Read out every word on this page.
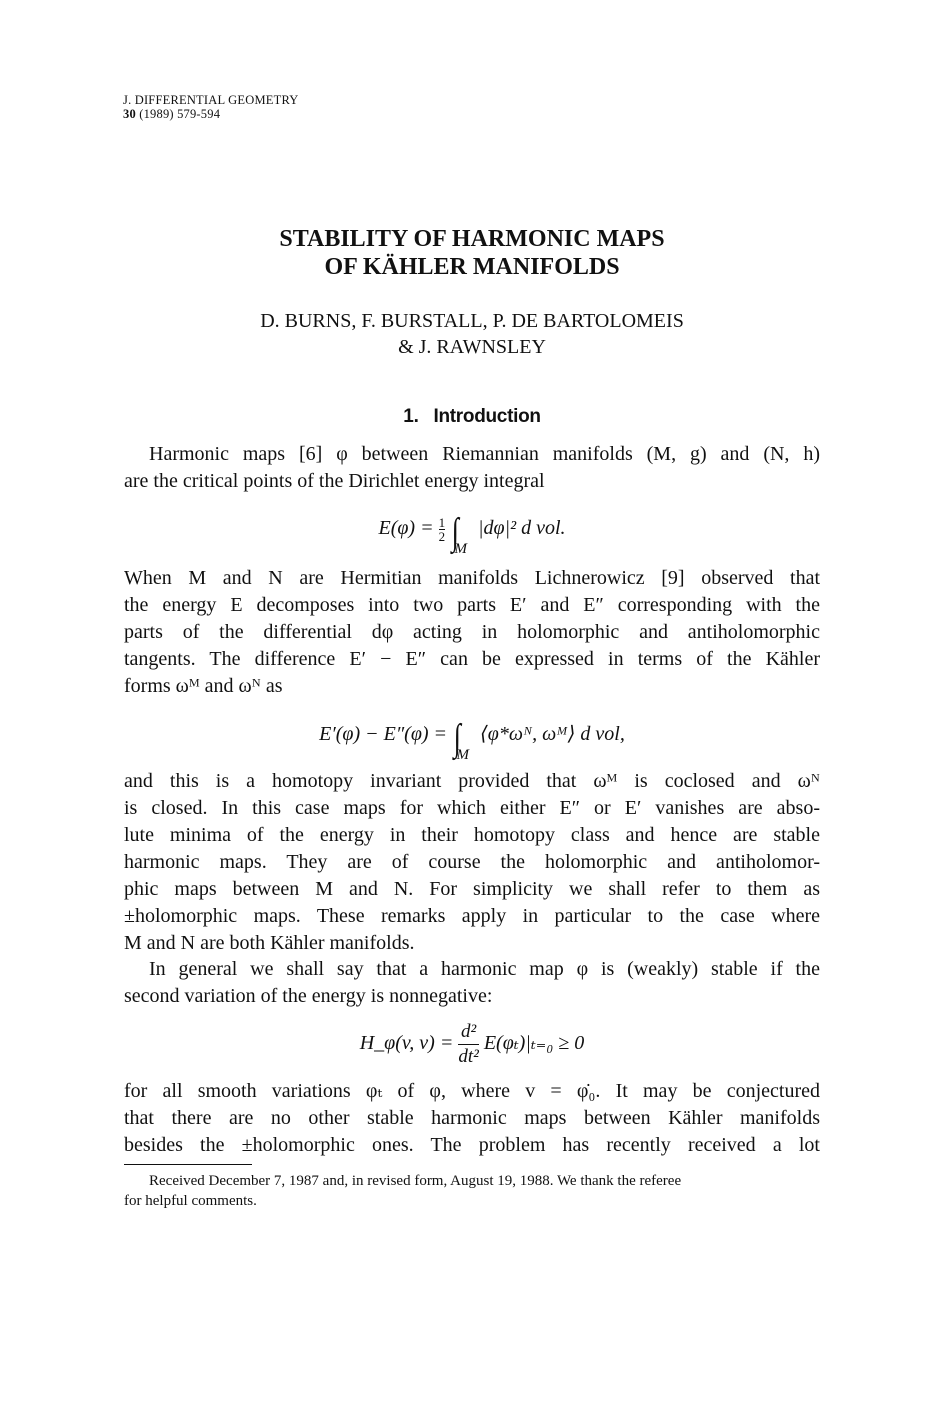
J. DIFFERENTIAL GEOMETRY
30 (1989) 579-594
STABILITY OF HARMONIC MAPS
OF KÄHLER MANIFOLDS
D. BURNS, F. BURSTALL, P. DE BARTOLOMEIS
& J. RAWNSLEY
1. Introduction
Harmonic maps [6] φ between Riemannian manifolds (M, g) and (N, h)
are the critical points of the Dirichlet energy integral
$E(\varphi) = \frac{1}{2} \int_M$ |dφ|² d vol.
When M and N are Hermitian manifolds Lichnerowicz [9] observed that
the energy E decomposes into two parts E′ and E″ corresponding with the
parts of the differential dφ acting in holomorphic and antiholomorphic
tangents. The difference E′ − E″ can be expressed in terms of the Kähler
forms ωᴹ and ωᴺ as
$E'(\varphi) - E''(\varphi) = \int_M$ ⟨φ*ωᴺ, ωᴹ⟩ d vol,
and this is a homotopy invariant provided that ωᴹ is coclosed and ωᴺ
is closed. In this case maps for which either E″ or E′ vanishes are abso-
lute minima of the energy in their homotopy class and hence are stable
harmonic maps. They are of course the holomorphic and antiholomor-
phic maps between M and N. For simplicity we shall refer to them as
±holomorphic maps. These remarks apply in particular to the case where
M and N are both Kähler manifolds.
In general we shall say that a harmonic map φ is (weakly) stable if the
second variation of the energy is nonnegative:
H_φ(v, $v) = \frac{\text{d²}}{\text{dt²}} E(\varphi_t)|_{t=0} \ge 0$
for all smooth variations φₜ of φ, where v = φ̇₀. It may be conjectured
that there are no other stable harmonic maps between Kähler manifolds
besides the ±holomorphic ones. The problem has recently received a lot
Received December 7, 1987 and, in revised form, August 19, 1988. We thank the referee
for helpful comments.
